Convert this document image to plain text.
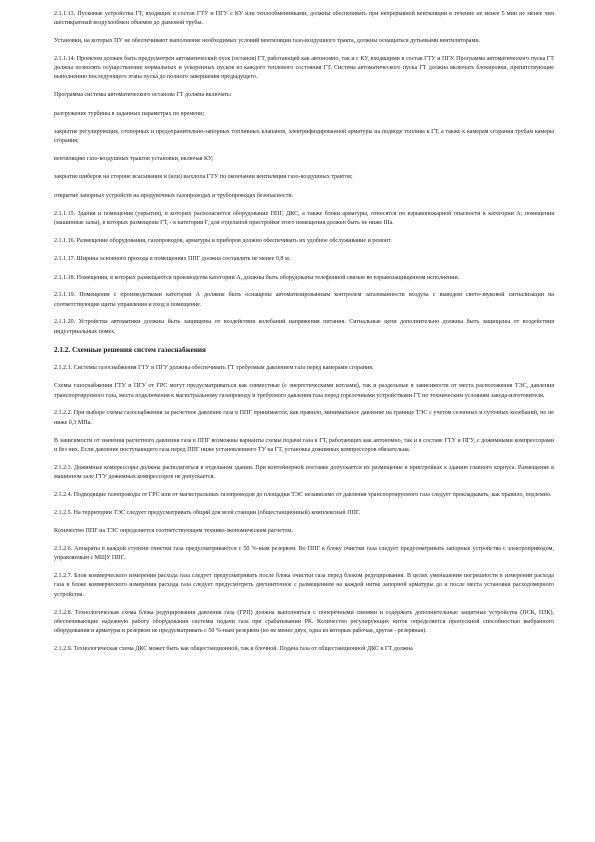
2.1.1.13. Пусковые устройства ГТ, входящих в состав ГТУ и ПГУ с КУ или теплообменниками, должны обеспечивать при непрерывной вентиляции в течение не менее 5 мин не менее чем шестикратный воздухообмен объемов до дымовой трубы.

Установки, на которых ПУ не обеспечивают выполнение необходимых условий вентиляции газо-воздушного тракта, должны оснащаться дутьевыми вентиляторами.

2.1.1.14. Проектом должен быть предусмотрен автоматический пуск (останов) ГТ, работающей как автономно, так и с КУ, входящими в состав ГТУ и ПГУ. Программа автоматического пуска ГТ должна позволять осуществление нормальных и ускоренных пусков из каждого теплового состояния ГТ. Система автоматического пуска ГТ должна включать блокировки, препятствующие выполнению последующего этапа пуска до полного завершения предыдущего.

Программа системы автоматического останова ГТ должна включать:

разгружение турбины в заданных параметрах по времени;

закрытие регулирующих, стопорных и предохранительно-запорных топливных клапанов, электрифицированной арматуры на подводе топлива к ГТ, а также к камерам сгорания трубам камеры сгорания;

вентиляцию газо-воздушных трактов установки, включая КУ;

закрытие шиберов на стороне всасывания и (или) выхлопа ГТУ по окончании вентиляции газо-воздушных трактов;

открытие запорных устройств на продувочных газопроводах и трубопроводах безопасности.

2.1.1.15. Здания и помещения (укрытия), в которых располагается оборудование ППГ, ДКС, а также блоки арматуры, относятся по взрывопожарной опасности к категории А; помещения (машинные залы), в которых размещены ГТ, - к категории Г, для отдельной пристройки этого помещения должен быть не ниже IIIа.

2.1.1.16. Размещение оборудования, газопроводов, арматуры и приборов должно обеспечивать их удобное обслуживание и ремонт.

2.1.1.17. Ширина основного прохода в помещениях ППГ должна составлять не менее 0,8 м.

2.1.1.18. Помещения, в которых размещаются производства категории А, должны быть оборудованы телефонной связью во взрывозащищенном исполнении.

2.1.1.19. Помещения с производствами категории А должны быть оснащены автоматизированным контролем загазованности воздуха с выводом свето-звуковой сигнализации на соответствующие щиты управления и вход в помещение.

2.1.1.20. Устройства автоматики должны быть защищены от воздействия колебаний напряжения питания. Сигнальные цепи дополнительно должны быть защищены от воздействия индустриальных помех.

2.1.2. Схемные решения систем газоснабжения

2.1.2.1. Системы газоснабжения ГТУ и ПГУ должны обеспечивать ГТ требуемым давлением газа перед камерами сгорания.

Схемы газоснабжения ГТУ и ПГУ от ГРС могут предусматриваться как совместные (с энергетическими котлами), так и раздельные в зависимости от места расположения ТЭС, давления транспортируемого газа, места подключения к магистральному газопроводу и требуемого давления газа перед горелочными устройствами ГТ по техническим условиям завода-изготовителя.

2.1.2.2. При выборе схемы газоснабжения за расчетное давление газа в ППГ принимается, как правило, минимальное давление на границе ТЭС с учетом сезонных и суточных колебаний, но не ниже 0,3 МПа.

В зависимости от значения расчетного давления газа в ППГ возможны варианты схемы подачи газа к ГТ, работающих как автономно, так и в составе ГТУ и ПГУ, с дожимными компрессорами и без них. Если давление поступающего газа перед ППГ ниже установленного ТУ на ГТ, установка дожимных компрессоров обязательна.

2.1.2.3. Дожимные компрессоры должны располагаться в отдельном здании. При контейнерной поставке допускается их размещение в пристройках к зданию главного корпуса. Размещение в машинном зале ГТУ дожимных компрессоров не допускается.

2.1.2.4. Подводящие газопроводы от ГРС или от магистральных газопроводов до площадки ТЭС независимо от давления транспортируемого газа следует прокладывать, как правило, подземно.

2.1.2.5. На территории ТЭС следует предусматривать общий для всей станции (общестанционный) комплексный ППГ.

Количество ППГ на ТЭС определяется соответствующим технико-экономическим расчетом.

2.1.2.6. Аппараты в каждой ступени очистки газа предусматриваются с 50 %-ным резервом. Во ППГ к блоку очистки газа следует предусматривать запорные устройства с электроприводом, управляемым с МЩУ ППГ.

2.1.2.7. Блок коммерческого измерения расхода газа следует предусматривать после блока очистки газа перед блоком редуцирования. В целях уменьшения погрешности в измерении расхода газа в блоке коммерческого измерения расхода газа следует предусмотреть двухниточное с размещением на каждой нитке запорной арматуры до и после места установки расходомерного устройства.

2.1.2.8. Технологическая схема блока редуцирования давления газа (ГРП) должна выполняться с поперечными связями и содержать дополнительные защитные устройства (ПСК, ПЗК), обеспечивающие надежную работу оборудования системы подачи газа при срабатывании РК. Количество регулирующих ниток определяется пропускной способностью выбранного оборудования и арматуры и резервом не предусматривать с 50 %-ным резервом (но не менее двух, одна из которых рабочая, другая - резервная).

2.1.2.9. Технологическая схема ДКС может быть как общестанционной, так и блочной. Подача газа от общестанционной ДКС к ГТ должна
